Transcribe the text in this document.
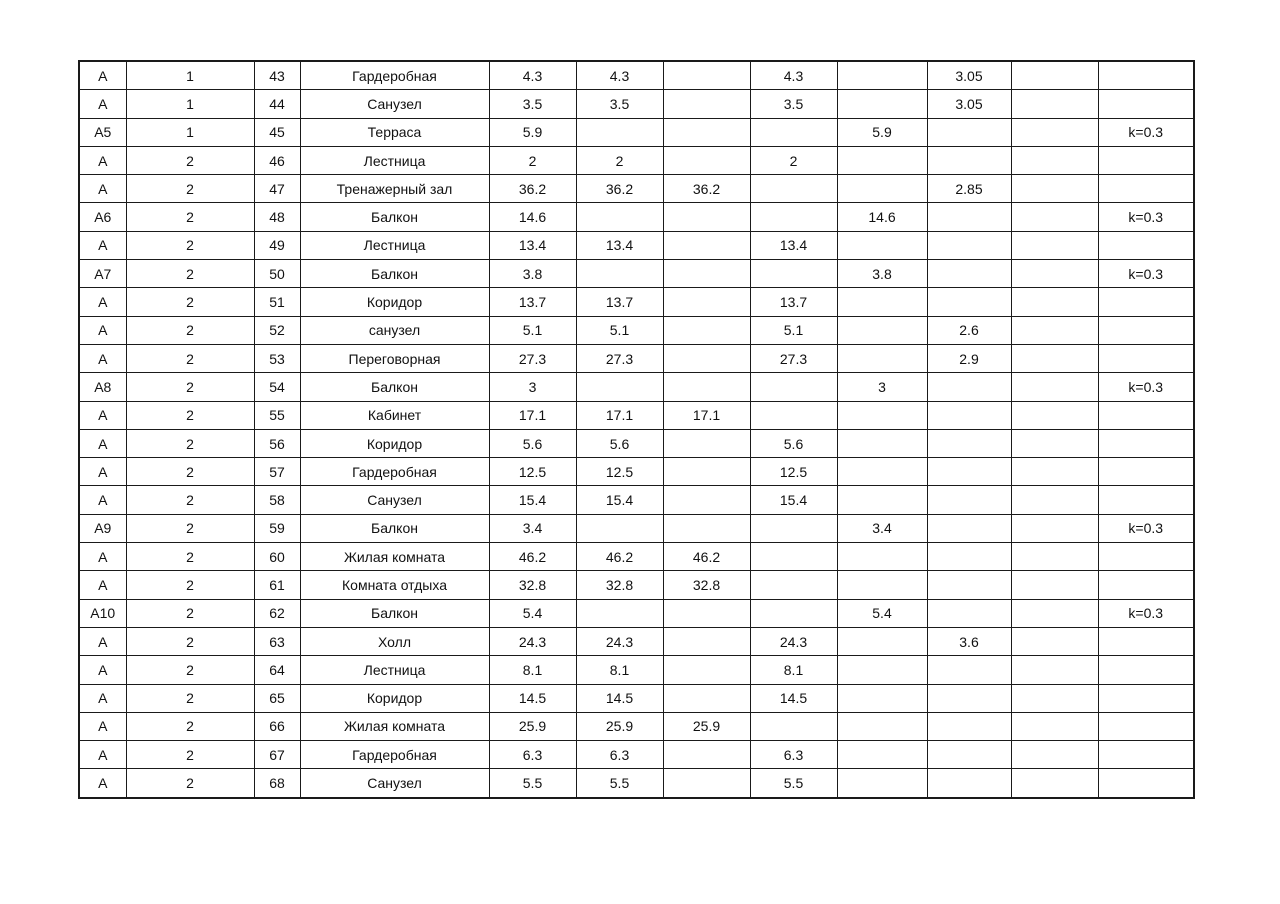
А	1	43	Гардеробная	4.3	4.3		4.3		3.05		
А	1	44	Санузел	3.5	3.5		3.5		3.05		
А5	1	45	Терраса	5.9				5.9			k=0.3
А	2	46	Лестница	2	2		2				
А	2	47	Тренажерный зал	36.2	36.2	36.2			2.85		
А6	2	48	Балкон	14.6				14.6			k=0.3
А	2	49	Лестница	13.4	13.4		13.4				
А7	2	50	Балкон	3.8				3.8			k=0.3
А	2	51	Коридор	13.7	13.7		13.7				
А	2	52	санузел	5.1	5.1		5.1		2.6		
А	2	53	Переговорная	27.3	27.3		27.3		2.9		
А8	2	54	Балкон	3				3			k=0.3
А	2	55	Кабинет	17.1	17.1	17.1					
А	2	56	Коридор	5.6	5.6		5.6				
А	2	57	Гардеробная	12.5	12.5		12.5				
А	2	58	Санузел	15.4	15.4		15.4				
А9	2	59	Балкон	3.4				3.4			k=0.3
А	2	60	Жилая комната	46.2	46.2	46.2					
А	2	61	Комната отдыха	32.8	32.8	32.8					
А10	2	62	Балкон	5.4				5.4			k=0.3
А	2	63	Холл	24.3	24.3		24.3		3.6		
А	2	64	Лестница	8.1	8.1		8.1				
А	2	65	Коридор	14.5	14.5		14.5				
А	2	66	Жилая комната	25.9	25.9	25.9					
А	2	67	Гардеробная	6.3	6.3		6.3				
А	2	68	Санузел	5.5	5.5		5.5				
